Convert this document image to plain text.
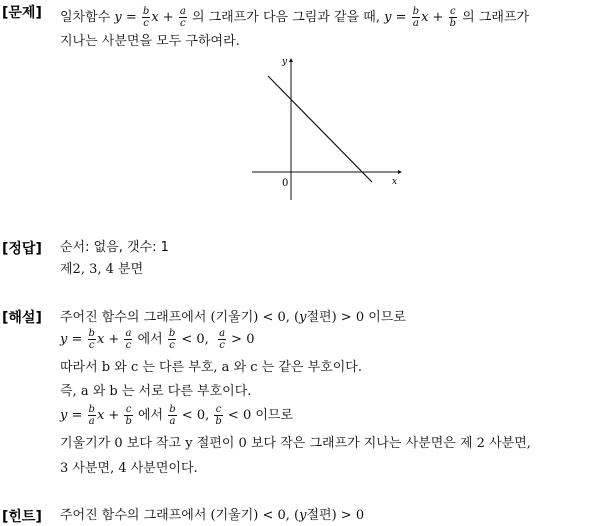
[문제] 일차함수 $y = \frac{b}{c}$ $x + \frac{a}{c}$ 의 그래프가 다음 그림과 같을 때, $y = \frac{b}{a}$ $x + \frac{c}{b}$ 의 그래프가
지나는 사분면을 모두 구하여라.
y
x
0
[정답] 순서: 없음, 갯수: 1
제2, 3, 4 분면
[해설] 주어진 함수의 그래프에서 (기울기) < 0, (y절편) > 0 이므로
$y = \frac{b}{c}$ $x + \frac{a}{c}$ 에서 $\frac{b}{c} < 0$, $\frac{a}{c} > 0$
따라서 b 와 c 는 다른 부호, a 와 c 는 같은 부호이다.
즉, a 와 b 는 서로 다른 부호이다.
$y = \frac{b}{a}$ $x + \frac{c}{b}$ 에서 $\frac{b}{a} < 0$, $\frac{c}{b} < 0$ 이므로
기울기가 0 보다 작고 y 절편이 0 보다 작은 그래프가 지나는 사분면은 제 2 사분면,
3 사분면, 4 사분면이다.
[힌트] 주어진 함수의 그래프에서 (기울기) < 0, (y절편) > 0
